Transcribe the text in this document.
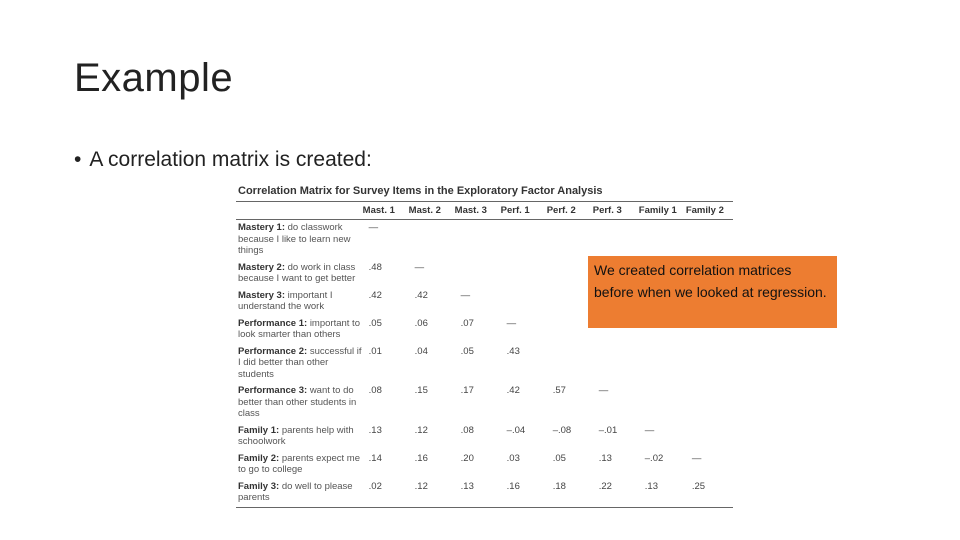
Example
• A correlation matrix is created:
Correlation Matrix for Survey Items in the Exploratory Factor Analysis
	Mast. 1	Mast. 2	Mast. 3	Perf. 1	Perf. 2	Perf. 3	Family 1	Family 2
Mastery 1: do classwork because I like to learn new things	—							
Mastery 2: do work in class because I want to get better	.48	—						
Mastery 3: important I understand the work	.42	.42	—					
Performance 1: important to look smarter than others	.05	.06	.07	—				
Performance 2: successful if I did better than other students	.01	.04	.05	.43				
Performance 3: want to do better than other students in class	.08	.15	.17	.42	.57	—		
Family 1: parents help with schoolwork	.13	.12	.08	–.04	–.08	–.01	—	
Family 2: parents expect me to go to college	.14	.16	.20	.03	.05	.13	–.02	—
Family 3: do well to please parents	.02	.12	.13	.16	.18	.22	.13	.25
We created correlation matrices before when we looked at regression.
